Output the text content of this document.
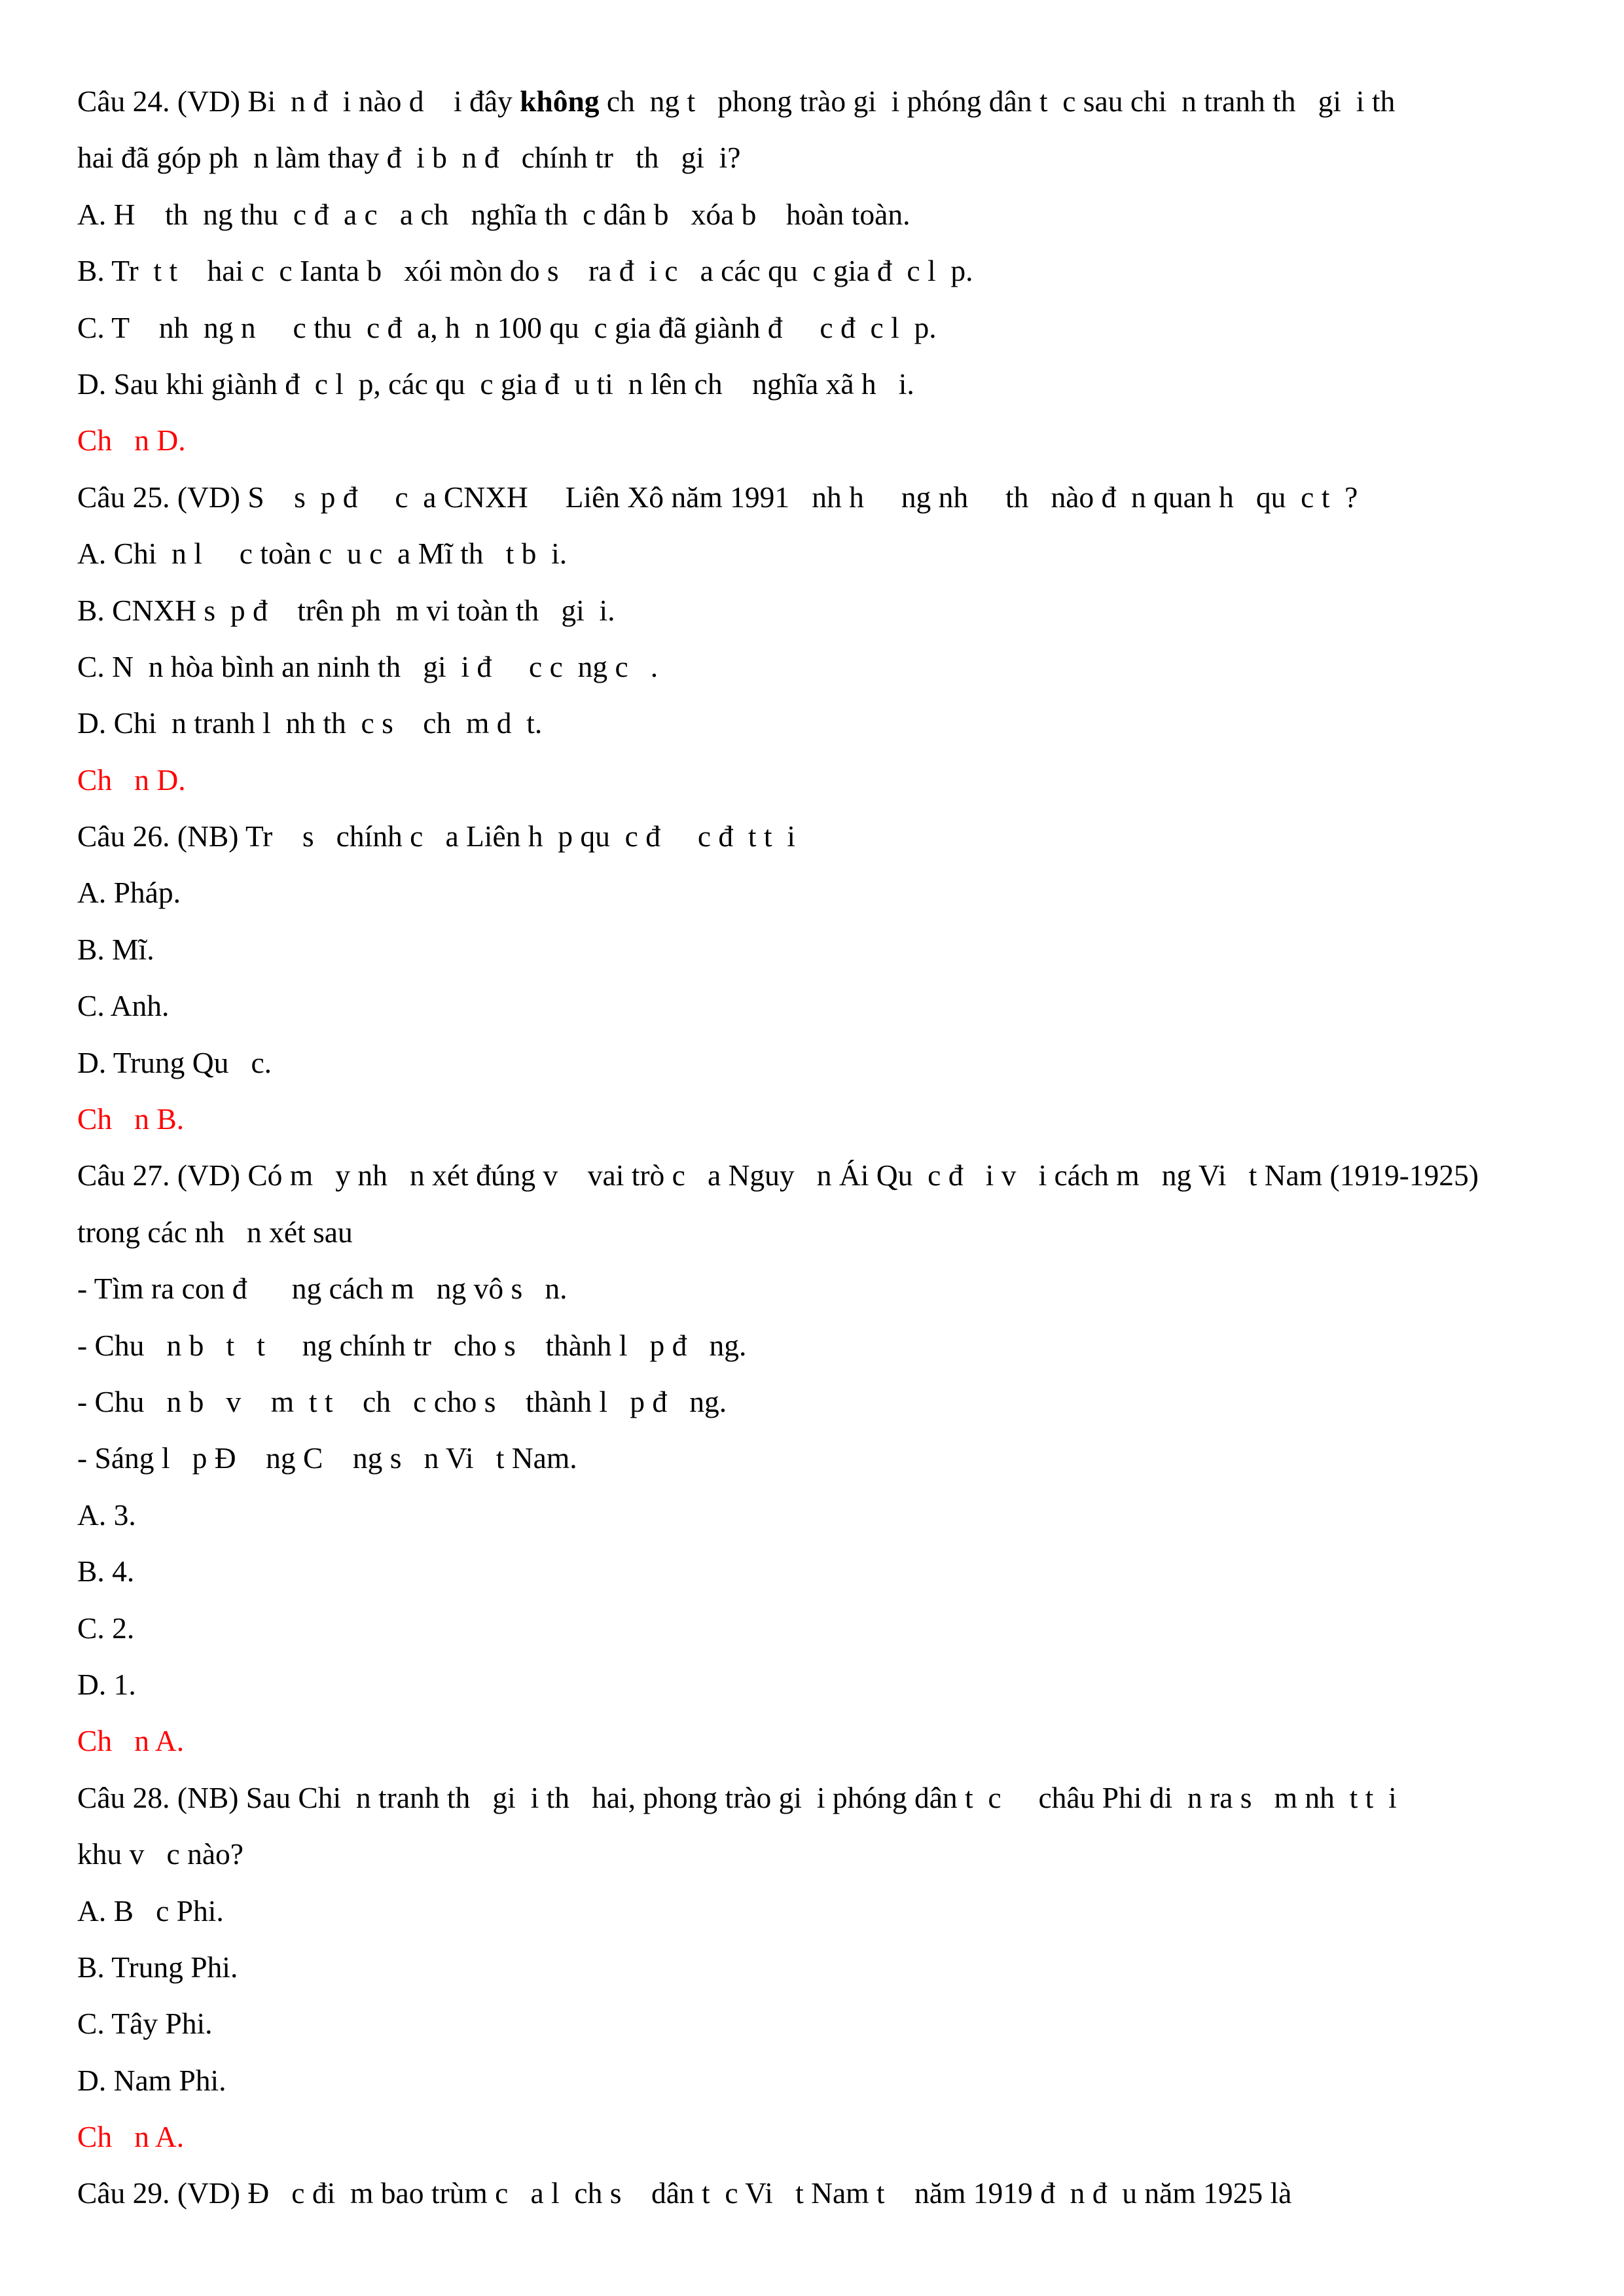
Câu 24. (VD) Bi  n đ  i nào d    i đây không ch  ng t   phong trào gi  i phóng dân t  c sau chi  n tranh th   gi  i th
hai đã góp ph  n làm thay đ  i b  n đ   chính tr   th   gi  i?
A. H    th  ng thu  c đ  a c   a ch   nghĩa th  c dân b   xóa b    hoàn toàn.
B. Tr  t t    hai c  c Ianta b   xói mòn do s    ra đ  i c   a các qu  c gia đ  c l  p.
C. T    nh  ng n     c thu  c đ  a, h  n 100 qu  c gia đã giành đ     c đ  c l  p.
D. Sau khi giành đ  c l  p, các qu  c gia đ  u ti  n lên ch    nghĩa xã h   i.
Ch   n D.
Câu 25. (VD) S    s  p đ     c  a CNXH     Liên Xô năm 1991   nh h     ng nh     th   nào đ  n quan h   qu  c t  ?
A. Chi  n l     c toàn c  u c  a Mĩ th   t b  i.
B. CNXH s  p đ    trên ph  m vi toàn th   gi  i.
C. N  n hòa bình an ninh th   gi  i đ     c c  ng c   .
D. Chi  n tranh l  nh th  c s    ch  m d  t.
Ch   n D.
Câu 26. (NB) Tr    s   chính c   a Liên h  p qu  c đ     c đ  t t  i
A. Pháp.
B. Mĩ.
C. Anh.
D. Trung Qu   c.
Ch   n B.
Câu 27. (VD) Có m   y nh   n xét đúng v    vai trò c   a Nguy   n Ái Qu  c đ   i v   i cách m   ng Vi   t Nam (1919-1925)
trong các nh   n xét sau
- Tìm ra con đ      ng cách m   ng vô s   n.
- Chu   n b   t   t     ng chính tr   cho s    thành l   p đ   ng.
- Chu   n b   v    m  t t    ch   c cho s    thành l   p đ   ng.
- Sáng l   p Đ    ng C    ng s   n Vi   t Nam.
A. 3.
B. 4.
C. 2.
D. 1.
Ch   n A.
Câu 28. (NB) Sau Chi  n tranh th   gi  i th   hai, phong trào gi  i phóng dân t  c     châu Phi di  n ra s   m nh  t t  i
khu v   c nào?
A. B   c Phi.
B. Trung Phi.
C. Tây Phi.
D. Nam Phi.
Ch   n A.
Câu 29. (VD) Đ   c đi  m bao trùm c   a l  ch s    dân t  c Vi   t Nam t    năm 1919 đ  n đ  u năm 1925 là
